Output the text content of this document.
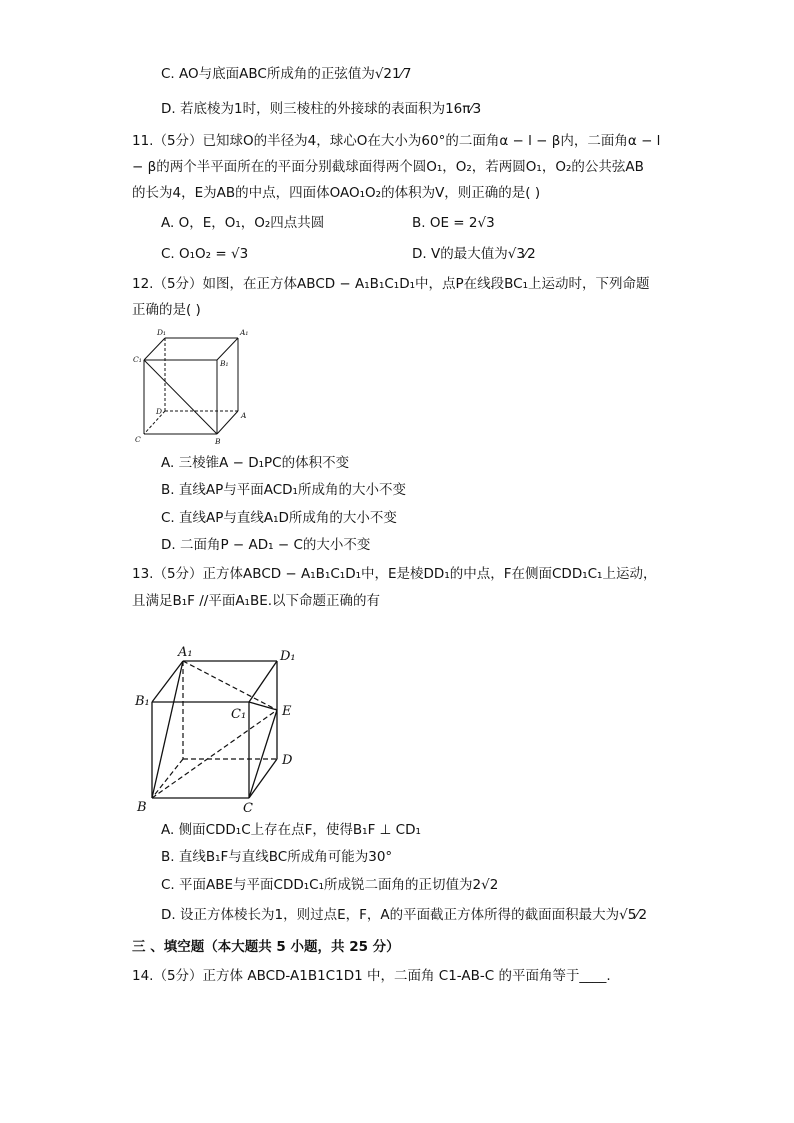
C. AO与底面ABC所成角的正弦值为√21⁄7
D. 若底棱为1时，则三棱柱的外接球的表面积为16π⁄3
11.（5分）已知球O的半径为4，球心O在大小为60°的二面角α − l − β内，二面角α − l
− β的两个半平面所在的平面分别截球面得两个圆O₁，O₂，若两圆O₁，O₂的公共弦AB
的长为4，E为AB的中点，四面体OAO₁O₂的体积为V，则正确的是( )
A. O，E，O₁，O₂四点共圆	B. OE = 2√3
C. O₁O₂ = √3	D. V的最大值为√3⁄2
12.（5分）如图，在正方体ABCD − A₁B₁C₁D₁中，点P在线段BC₁上运动时，下列命题
正确的是( )
D₁	A₁
C₁	B₁
D	A
C	B
A. 三棱锥A − D₁PC的体积不变
B. 直线AP与平面ACD₁所成角的大小不变
C. 直线AP与直线A₁D所成角的大小不变
D. 二面角P − AD₁ − C的大小不变
13.（5分）正方体ABCD − A₁B₁C₁D₁中，E是棱DD₁的中点，F在侧面CDD₁C₁上运动，
且满足B₁F //平面A₁BE.以下命题正确的有
A₁	D₁
B₁
C₁	E
D
B	C
A. 侧面CDD₁C上存在点F，使得B₁F ⊥ CD₁
B. 直线B₁F与直线BC所成角可能为30°
C. 平面ABE与平面CDD₁C₁所成锐二面角的正切值为2√2
D. 设正方体棱长为1，则过点E，F，A的平面截正方体所得的截面面积最大为√5⁄2
三 、填空题（本大题共 5 小题，共 25 分）
14.（5分）正方体 ABCD-A1B1C1D1 中，二面角 C1-AB-C 的平面角等于____.
